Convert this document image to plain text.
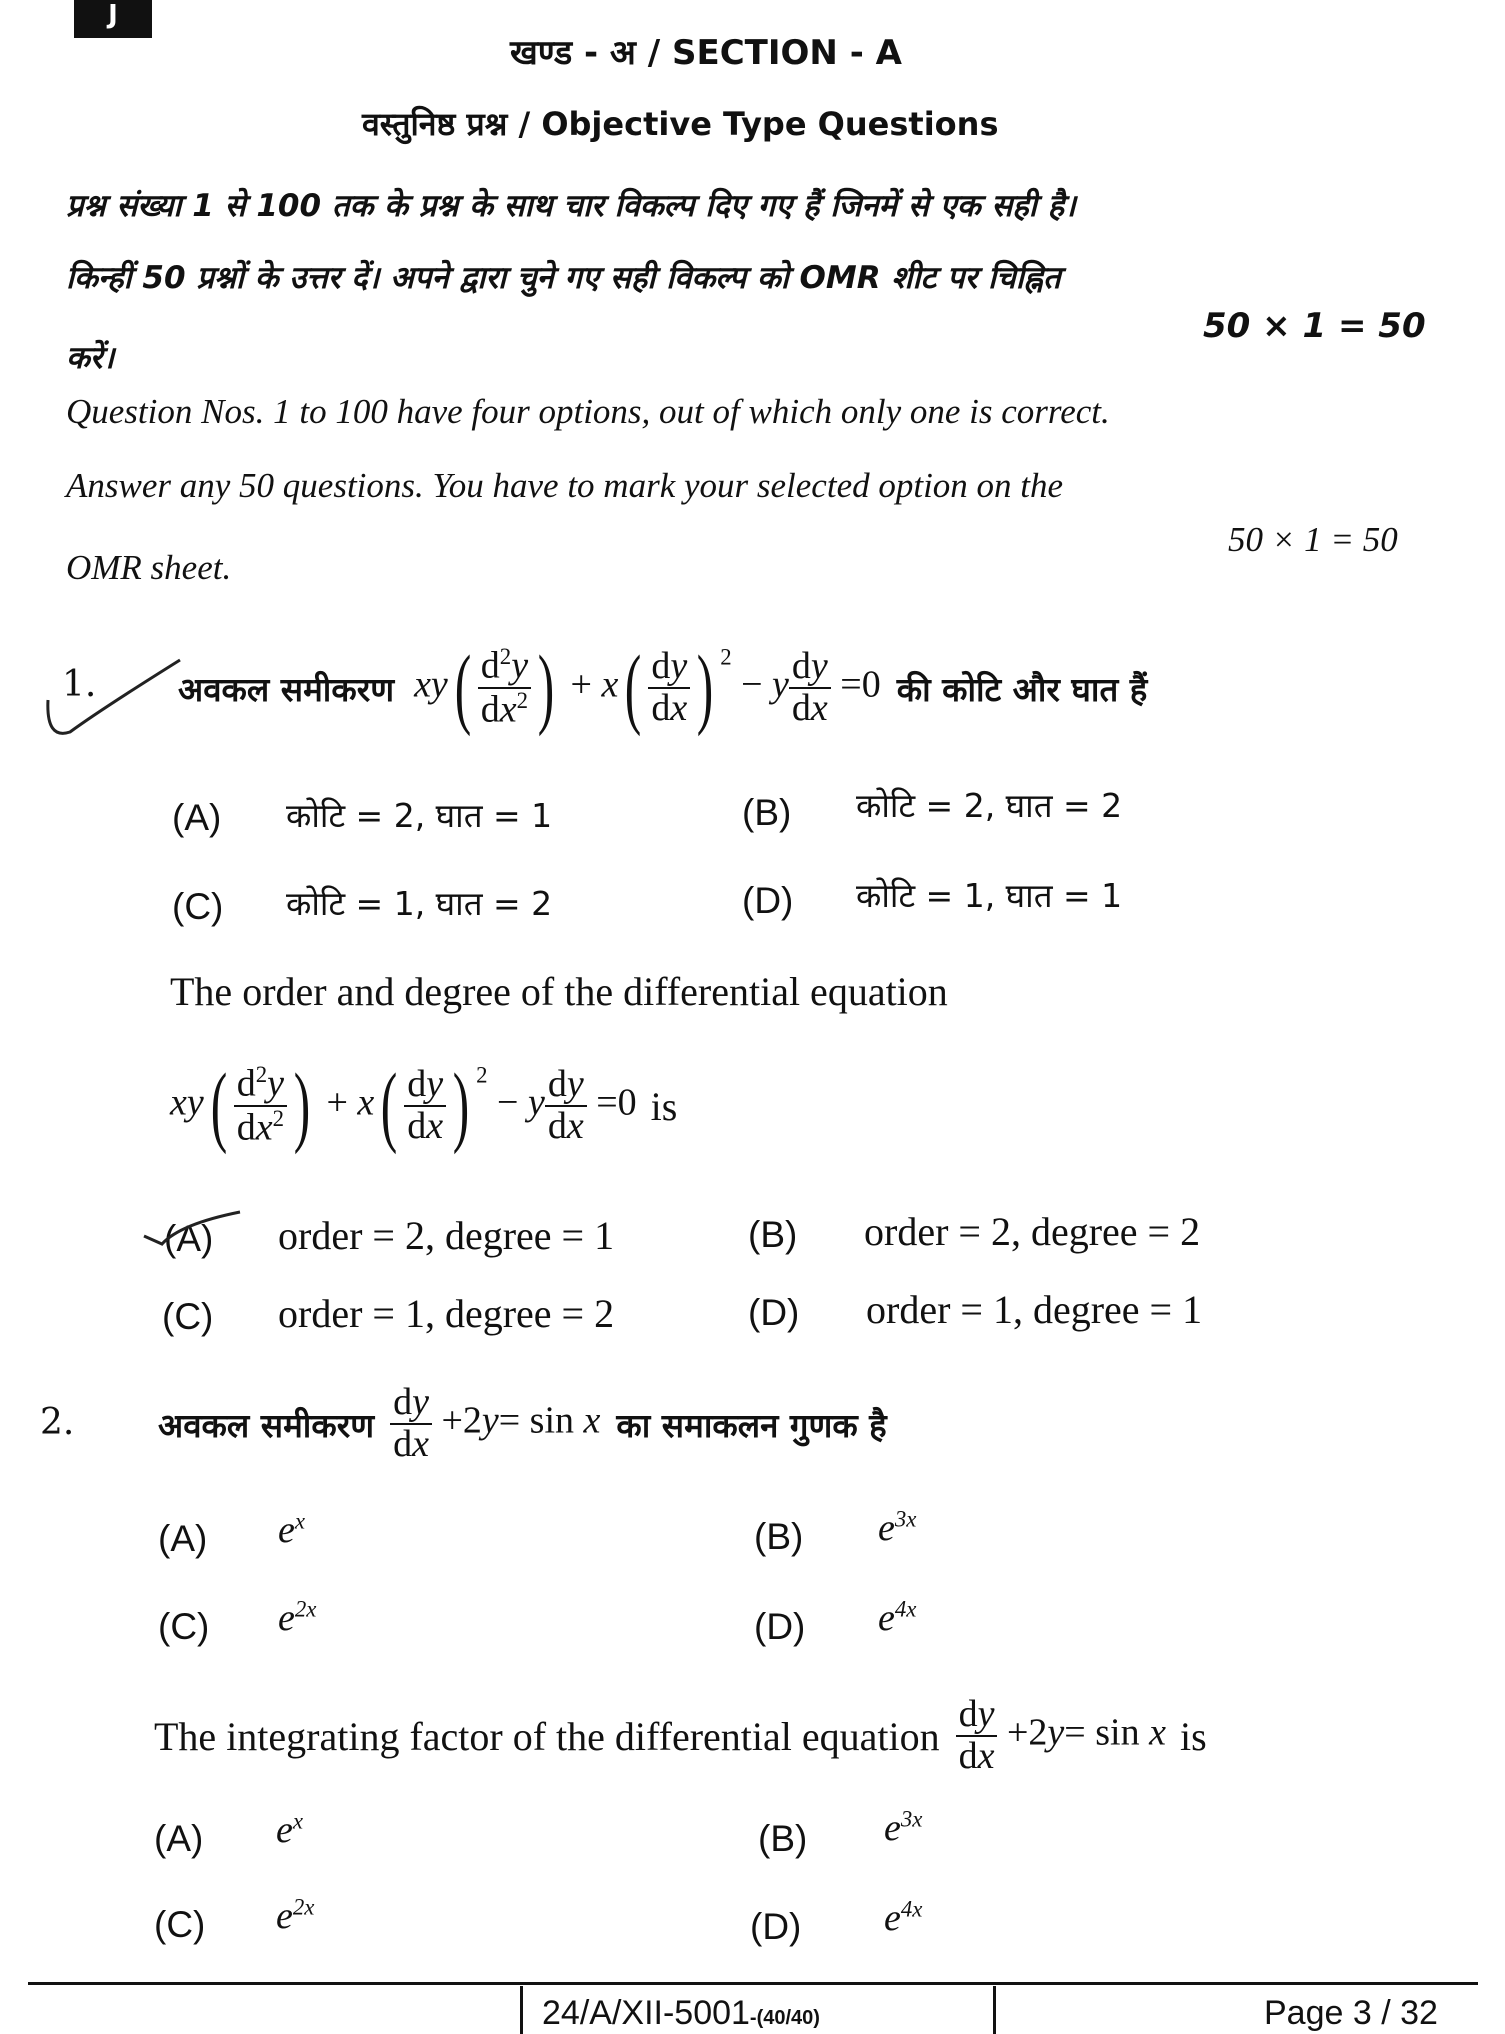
J
खण्ड - अ / SECTION - A
वस्तुनिष्ठ प्रश्न / Objective Type Questions
प्रश्न संख्या 1 से 100 तक के प्रश्न के साथ चार विकल्प दिए गए हैं जिनमें से एक सही है।
किन्हीं 50 प्रश्नों के उत्तर दें। अपने द्वारा चुने गए सही विकल्प को OMR शीट पर चिह्नित
50 × 1 = 50
करें।
Question Nos. 1 to 100 have four options, out of which only one is correct.
Answer any 50 questions. You have to mark your selected option on the
50 × 1 = 50
OMR sheet.
1. अवकल समीकरण $xy( \frac{d^2y}{dx^2}$ ) + $x( \frac{dy}{dx}$ ) $^2$ − y $\frac{dy}{dx} =0$ की कोटि और घात हैं
(A) कोटि = 2, घात = 1	(B) कोटि = 2, घात = 2
(C) कोटि = 1, घात = 2	(D) कोटि = 1, घात = 1
The order and degree of the differential equation
$xy( \frac{d^2y}{dx^2}$ ) + $x( \frac{dy}{dx}$ ) $^2$ − y $\frac{dy}{dx} =0$ is
(A) order = 2, degree = 1	(B) order = 2, degree = 2
(C) order = 1, degree = 2	(D) order = 1, degree = 1
2.	अवकल समीकरण $\frac{dy}{dx} +2y= \sin x$ का समाकलन गुणक है
(A) $e^x$	(B) $e^{3x}$
(C) $e^{2x}$	(D) $e^{4x}$
The integrating factor of the differential equation $\frac{dy}{dx} +2y= \sin x$ is
(A) $e^x$	(B) $e^{3x}$
(C) $e^{2x}$	(D) $e^{4x}$
24/A/XII-5001-(40/40)	Page 3 / 32
